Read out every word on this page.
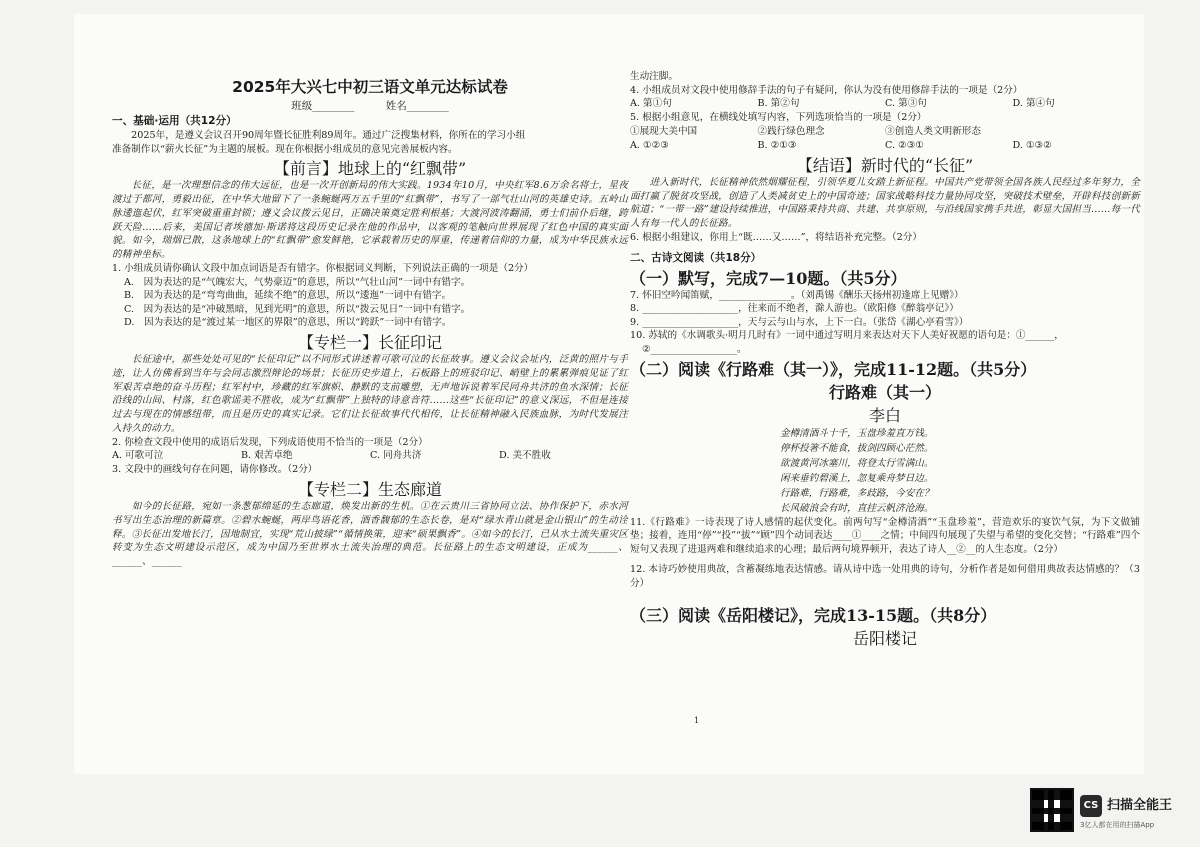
2025年大兴七中初三语文单元达标试卷
班级________　　　姓名________
一、基础·运用（共12分）
　　2025年，是遵义会议召开90周年暨长征胜利89周年。通过广泛搜集材料，你所在的学习小组
准备制作以“薪火长征”为主题的展板。现在你根据小组成员的意见完善展板内容。
【前言】地球上的“红飘带”
　　长征，是一次理想信念的伟大远征，也是一次开创新局的伟大实践。1934年10月，中央红军8.6万余名将士，星夜渡过于都河，勇毅出征，在中华大地留下了一条蜿蜒两万五千里的“红飘带”，书写了一部气壮山河的英雄史诗。五岭山脉逶迤起伏，红军突破重重封锁；遵义会议拨云见日，正确决策奠定胜利根基；大渡河波涛翻涌，勇士们前仆后继，跨跃天险……后来，美国记者埃德加·斯诺将这段历史记录在他的作品中，以客观的笔触向世界展现了红色中国的真实面貌。如今，瑞烟已散，这条地球上的“红飘带”愈发鲜艳，它承载着历史的厚重，传递着信仰的力量，成为中华民族永远的精神坐标。
1. 小组成员请你确认文段中加点词语是否有错字。你根据词义判断，下列说法正确的一项是（2分）
A.　因为表达的是“气魄宏大，气势豪迈”的意思，所以“气壮山河”一词中有错字。
B.　因为表达的是“弯弯曲曲，延续不绝”的意思，所以“逶迤”一词中有错字。
C.　因为表达的是“冲破黑暗，见到光明”的意思，所以“拨云见日”一词中有错字。
D.　因为表达的是“渡过某一地区的界限”的意思，所以“跨跃”一词中有错字。
【专栏一】长征印记
　　长征途中，那些处处可见的“长征印记”以不同形式讲述着可歌可泣的长征故事。遵义会议会址内，泛黄的照片与手迹，让人仿佛看到当年与会同志激烈辩论的场景；长征历史步道上，石板路上的班驳印记、峭壁上的累累弹痕见证了红军艰苦卓绝的奋斗历程；红军村中，珍藏的红军旗帜、静默的支前雕塑，无声地诉说着军民同舟共济的鱼水深情；长征沿线的山间、村落，红色歌谣美不胜收，成为“红飘带”上独特的诗意音符……这些“长征印记”的意义深远，不但是连接过去与现在的情感纽带，而且是历史的真实记录。它们让长征故事代代相传，让长征精神融入民族血脉，为时代发展注入持久的动力。
2. 你检查文段中使用的成语后发现，下列成语使用不恰当的一项是（2分）
A. 可歌可泣	B. 艰苦卓绝	C. 同舟共济	D. 美不胜收
3. 文段中的画线句存在问题，请你修改。（2分）
【专栏二】生态廊道
　　如今的长征路，宛如一条葱郁绵延的生态廊道，焕发出新的生机。①在云贵川三省协同立法、协作保护下，赤水河书写出生态治理的新篇章。②碧水蜿蜒，两岸鸟语花香，酒香馥郁的生态长卷，是对“绿水青山就是金山银山”的生动诠释。③长征出发地长汀，因地制宜，实现“荒山披绿”“循情换策，迎来“硕果飘香”。④如今的长汀，已从水土流失重灾区转变为生态文明建设示范区，成为中国乃至世界水土流失治理的典范。长征路上的生态文明建设，正成为______、______、______
生动注脚。
4. 小组成员对文段中使用修辞手法的句子有疑问，你认为没有使用修辞手法的一项是（2分）
A. 第①句	B. 第②句	C. 第③句	D. 第④句
5. 根据小组意见，在横线处填写内容，下列选项恰当的一项是（2分）
①展现大美中国	②践行绿色理念	③创造人类文明新形态
A. ①②③	B. ②①③	C. ②③①	D. ①③②
【结语】新时代的“长征”
　　进入新时代，长征精神依然烟耀征程，引领华夏儿女踏上新征程。中国共产党带领全国各族人民经过多年努力，全面打赢了脱贫攻坚战，创造了人类减贫史上的中国奇迹；国家战略科技力量协同攻坚，突破技术壁垒，开辟科技创新新航道；“一带一路”建设持续推进，中国路秉持共商、共建、共享原则，与沿线国家携手共进，彰显大国担当……每一代人有每一代人的长征路。
6. 根据小组建议，你用上“既……又……”，将结语补充完整。（2分）
二、古诗文阅读（共18分）
（一）默写，完成7—10题。（共5分）
7. 怀旧空吟闻笛赋，_______________。（刘禹锡《酬乐天扬州初逢席上见赠》）
8. ____________________，往来而不绝者，滁人游也。（欧阳修《醉翁亭记》）
9. ____________________，天与云与山与水，上下一白。（张岱《湖心亭看雪》）
10. 苏轼的《水调歌头·明月几时有》一词中通过写明月来表达对天下人美好祝愿的语句是：①______，
②__________________。
（二）阅读《行路难（其一）》，完成11-12题。（共5分）
行路难（其一）
李白
金樽清酒斗十千，玉盘珍羞直万钱。
停杯投箸不能食，拔剑四顾心茫然。
欲渡黄河冰塞川，将登太行雪满山。
闲来垂钓碧溪上，忽复乘舟梦日边。
行路难，行路难，多歧路，今安在？
长风破浪会有时，直挂云帆济沧海。
11.《行路难》一诗表现了诗人感情的起伏变化。前两句写“金樽清酒”“玉盘珍羞”，营造欢乐的宴饮气氛，为下文做铺垫；接着，连用“停”“投”“拔”“顾”四个动词表达____①____之情；中间四句展现了失望与希望的变化交替；“行路难”四个短句又表现了进退两难和继续追求的心理；最后两句境界顿开，表达了诗人__②__的人生态度。（2分）
12. 本诗巧妙使用典故，含蓄凝练地表达情感。请从诗中选一处用典的诗句，分析作者是如何借用典故表达情感的？（3分）
（三）阅读《岳阳楼记》，完成13-15题。（共8分）
岳阳楼记
1
CS 扫描全能王
3亿人都在用的扫描App
